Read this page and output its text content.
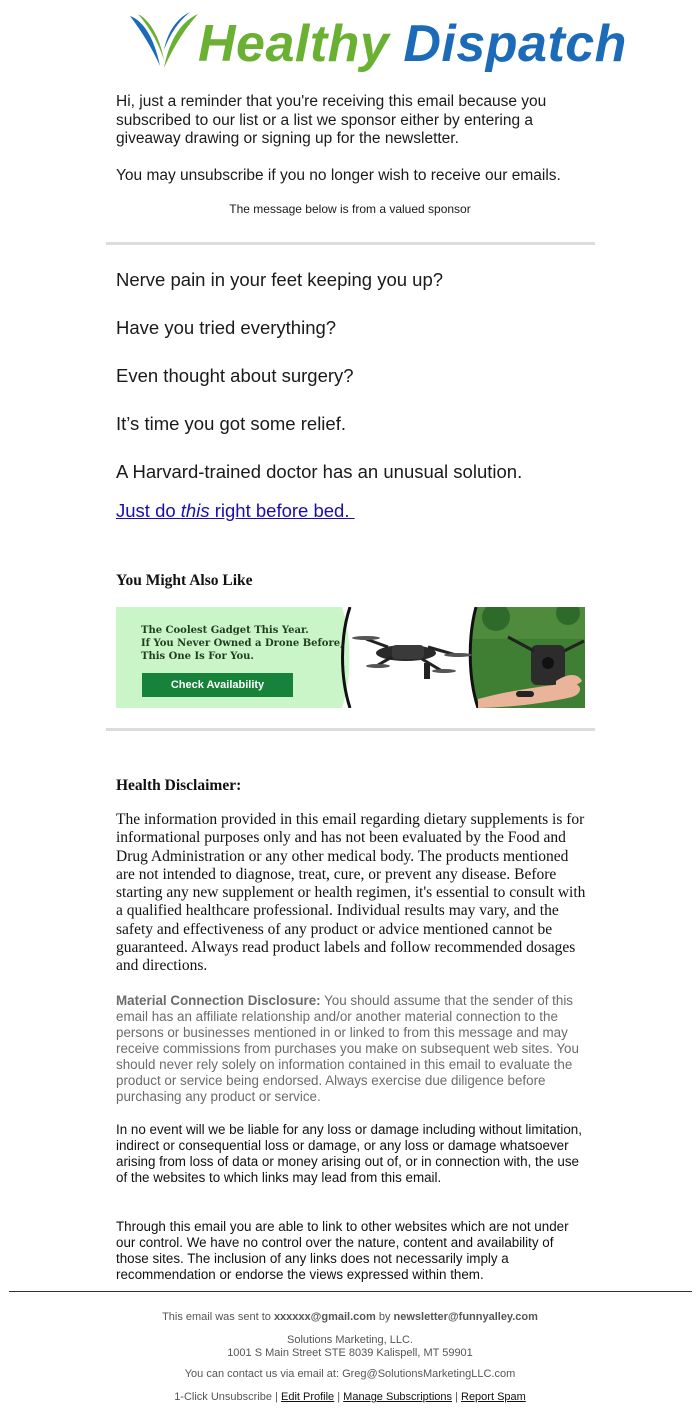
Healthy Dispatch
Hi, just a reminder that you're receiving this email because you subscribed to our list or a list we sponsor either by entering a giveaway drawing or signing up for the newsletter.
You may unsubscribe if you no longer wish to receive our emails.
The message below is from a valued sponsor
Nerve pain in your feet keeping you up?
Have you tried everything?
Even thought about surgery?
It’s time you got some relief.
A Harvard-trained doctor has an unusual solution.
Just do this right before bed.
You Might Also Like
The Coolest Gadget This Year.
If You Never Owned a Drone Before,
This One Is For You.
Check Availability
Health Disclaimer:
The information provided in this email regarding dietary supplements is for informational purposes only and has not been evaluated by the Food and Drug Administration or any other medical body. The products mentioned are not intended to diagnose, treat, cure, or prevent any disease. Before starting any new supplement or health regimen, it's essential to consult with a qualified healthcare professional. Individual results may vary, and the safety and effectiveness of any product or advice mentioned cannot be guaranteed. Always read product labels and follow recommended dosages and directions.
Material Connection Disclosure: You should assume that the sender of this email has an affiliate relationship and/or another material connection to the persons or businesses mentioned in or linked to from this message and may receive commissions from purchases you make on subsequent web sites. You should never rely solely on information contained in this email to evaluate the product or service being endorsed. Always exercise due diligence before purchasing any product or service.
In no event will we be liable for any loss or damage including without limitation, indirect or consequential loss or damage, or any loss or damage whatsoever arising from loss of data or money arising out of, or in connection with, the use of the websites to which links may lead from this email.
Through this email you are able to link to other websites which are not under our control. We have no control over the nature, content and availability of those sites. The inclusion of any links does not necessarily imply a recommendation or endorse the views expressed within them.
This email was sent to xxxxxx@gmail.com by newsletter@funnyalley.com
Solutions Marketing, LLC.
1001 S Main Street STE 8039 Kalispell, MT 59901
You can contact us via email at: Greg@SolutionsMarketingLLC.com
1-Click Unsubscribe | Edit Profile | Manage Subscriptions | Report Spam
